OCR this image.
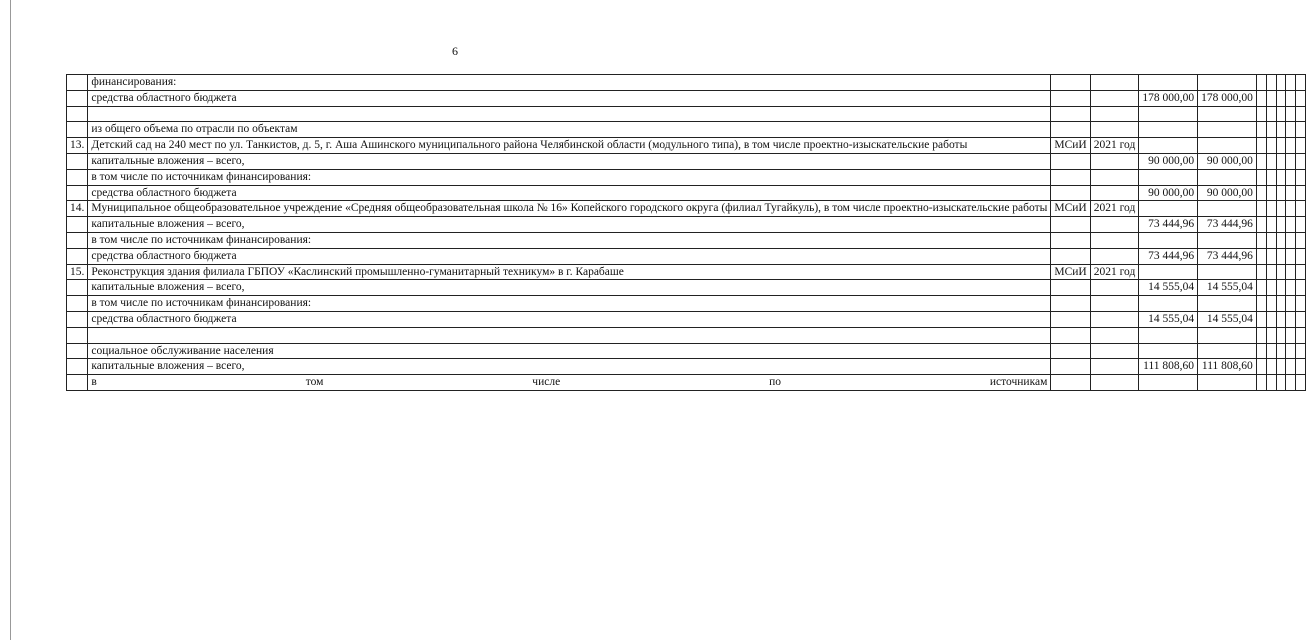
6
	финансирования:									
	средства областного бюджета			178 000,00	178 000,00					

	из общего объема по отрасли по объектам									
13.	Детский сад на 240 мест по ул. Танкистов, д. 5, г. Аша Ашинского муниципального района Челябинской области (модульного типа), в том числе проектно-изыскательские работы	МСиИ	2021 год							
	капитальные вложения – всего,			90 000,00	90 000,00					
	в том числе по источникам финансирования:									
	средства областного бюджета			90 000,00	90 000,00					
14.	Муниципальное общеобразовательное учреждение «Средняя общеобразовательная школа № 16» Копейского городского округа (филиал Тугайкуль), в том числе проектно-изыскательские работы	МСиИ	2021 год							
	капитальные вложения – всего,			73 444,96	73 444,96					
	в том числе по источникам финансирования:									
	средства областного бюджета			73 444,96	73 444,96					
15.	Реконструкция здания филиала ГБПОУ «Каслинский промышленно-гуманитарный техникум» в г. Карабаше	МСиИ	2021 год							
	капитальные вложения – всего,			14 555,04	14 555,04					
	в том числе по источникам финансирования:									
	средства областного бюджета			14 555,04	14 555,04					

	социальное обслуживание населения									
	капитальные вложения – всего,			111 808,60	111 808,60					
	в том числе по источникам									
